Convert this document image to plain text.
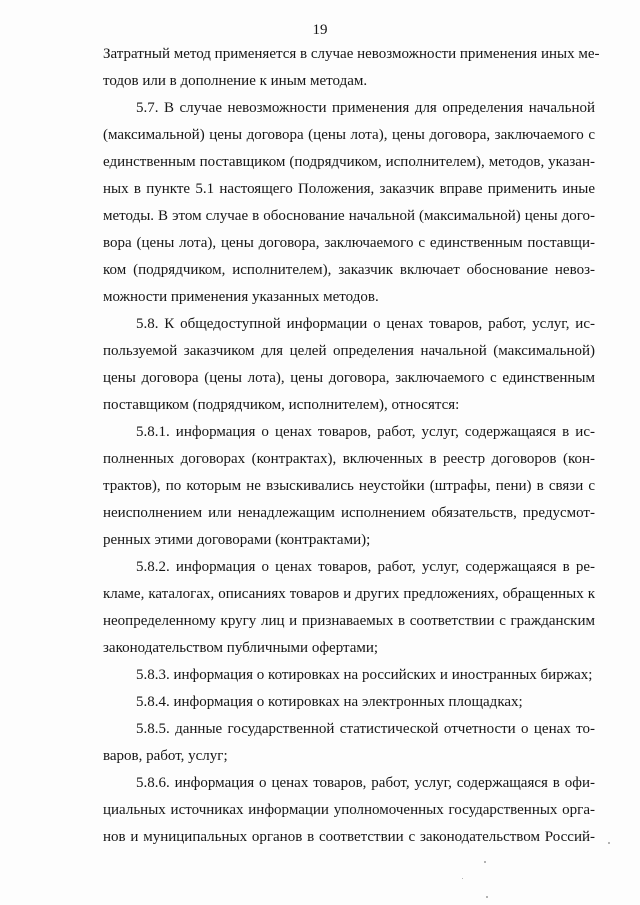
19
Затратный метод применяется в случае невозможности применения иных ме-
тодов или в дополнение к иным методам.
5.7. В случае невозможности применения для определения начальной
(максимальной) цены договора (цены лота), цены договора, заключаемого с
единственным поставщиком (подрядчиком, исполнителем), методов, указан-
ных в пункте 5.1 настоящего Положения, заказчик вправе применить иные
методы. В этом случае в обоснование начальной (максимальной) цены дого-
вора (цены лота), цены договора, заключаемого с единственным поставщи-
ком (подрядчиком, исполнителем), заказчик включает обоснование невоз-
можности применения указанных методов.
5.8. К общедоступной информации о ценах товаров, работ, услуг, ис-
пользуемой заказчиком для целей определения начальной (максимальной)
цены договора (цены лота), цены договора, заключаемого с единственным
поставщиком (подрядчиком, исполнителем), относятся:
5.8.1. информация о ценах товаров, работ, услуг, содержащаяся в ис-
полненных договорах (контрактах), включенных в реестр договоров (кон-
трактов), по которым не взыскивались неустойки (штрафы, пени) в связи с
неисполнением или ненадлежащим исполнением обязательств, предусмот-
ренных этими договорами (контрактами);
5.8.2. информация о ценах товаров, работ, услуг, содержащаяся в ре-
кламе, каталогах, описаниях товаров и других предложениях, обращенных к
неопределенному кругу лиц и признаваемых в соответствии с гражданским
законодательством публичными офертами;
5.8.3. информация о котировках на российских и иностранных биржах;
5.8.4. информация о котировках на электронных площадках;
5.8.5. данные государственной статистической отчетности о ценах то-
варов, работ, услуг;
5.8.6. информация о ценах товаров, работ, услуг, содержащаяся в офи-
циальных источниках информации уполномоченных государственных орга-
нов и муниципальных органов в соответствии с законодательством Россий-
